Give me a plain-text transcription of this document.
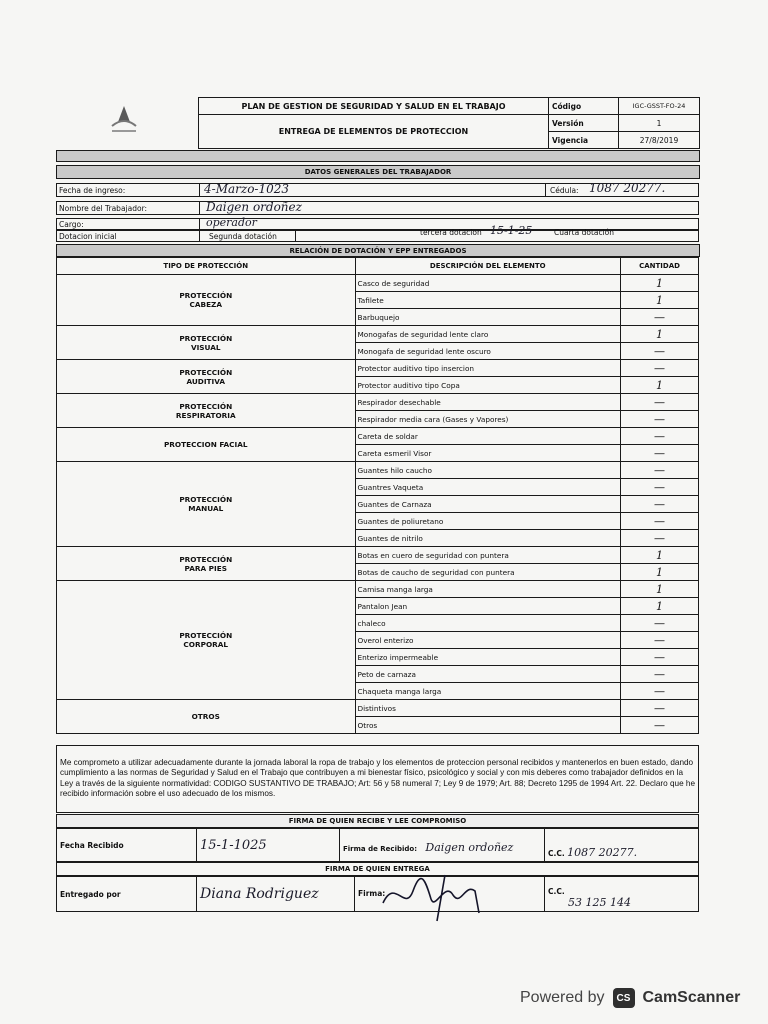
PLAN DE GESTION DE SEGURIDAD Y SALUD EN EL TRABAJO	Código	IGC-GSST-FO-24
ENTREGA DE ELEMENTOS DE PROTECCION	Versión	1
	Vigencia	27/8/2019
DATOS GENERALES DEL TRABAJADOR
Fecha de ingreso:	4-Marzo-1023	Cédula: 1087 20277.
Nombre del Trabajador:	Daigen ordoñez
Cargo:	operador
Dotacion inicial	Segunda dotación	tercera dotacion 15-1-25	Cuarta dotación
RELACIÓN DE DOTACIÓN Y EPP ENTREGADOS
TIPO DE PROTECCIÓN	DESCRIPCIÓN DEL ELEMENTO	CANTIDAD
PROTECCIÓN
CABEZA	Casco de seguridad	1
	Tafilete	1
	Barbuquejo	—
PROTECCIÓN
VISUAL	Monogafas de seguridad lente claro	1
	Monogafa de seguridad lente oscuro	—
PROTECCIÓN
AUDITIVA	Protector auditivo tipo insercion	—
	Protector auditivo tipo Copa	1
PROTECCIÓN
RESPIRATORIA	Respirador desechable	—
	Respirador media cara (Gases y Vapores)	—
PROTECCION FACIAL	Careta de soldar	—
	Careta esmeril Visor	—
PROTECCIÓN
MANUAL	Guantes hilo caucho	—
	Guantres Vaqueta	—
	Guantes de Carnaza	—
	Guantes de poliuretano	—
	Guantes de nitrilo	—
PROTECCIÓN
PARA PIES	Botas en cuero de seguridad con puntera	1
	Botas de caucho de seguridad con puntera	1
PROTECCIÓN
CORPORAL	Camisa manga larga	1
	Pantalon Jean	1
	chaleco	—
	Overol enterizo	—
	Enterizo impermeable	—
	Peto de carnaza	—
	Chaqueta manga larga	—
OTROS	Distintivos	—
	Otros	—
Me comprometo a utilizar adecuadamente durante la jornada laboral la ropa de trabajo y los elementos de proteccion personal recibidos y mantenerlos en buen estado, dando cumplimiento a las normas de Seguridad y Salud en el Trabajo que contribuyen a mi bienestar físico, psicológico y social y con mis deberes como trabajador definidos en la Ley a través de la siguiente normatividad: CODIGO SUSTANTIVO DE TRABAJO; Art: 56 y 58 numeral 7; Ley 9 de 1979; Art. 88; Decreto 1295 de 1994 Art. 22. Declaro que he recibido información sobre el uso adecuado de los mismos.
FIRMA DE QUIEN RECIBE Y LEE COMPROMISO
Fecha Recibido	15-1-1025	Firma de Recibido: Daigen ordoñez	C.C. 1087 20277.
FIRMA DE QUIEN ENTREGA
Entregado por	Diana Rodriguez	Firma:	C.C.
53 125 144
Powered by	CS CamScanner
